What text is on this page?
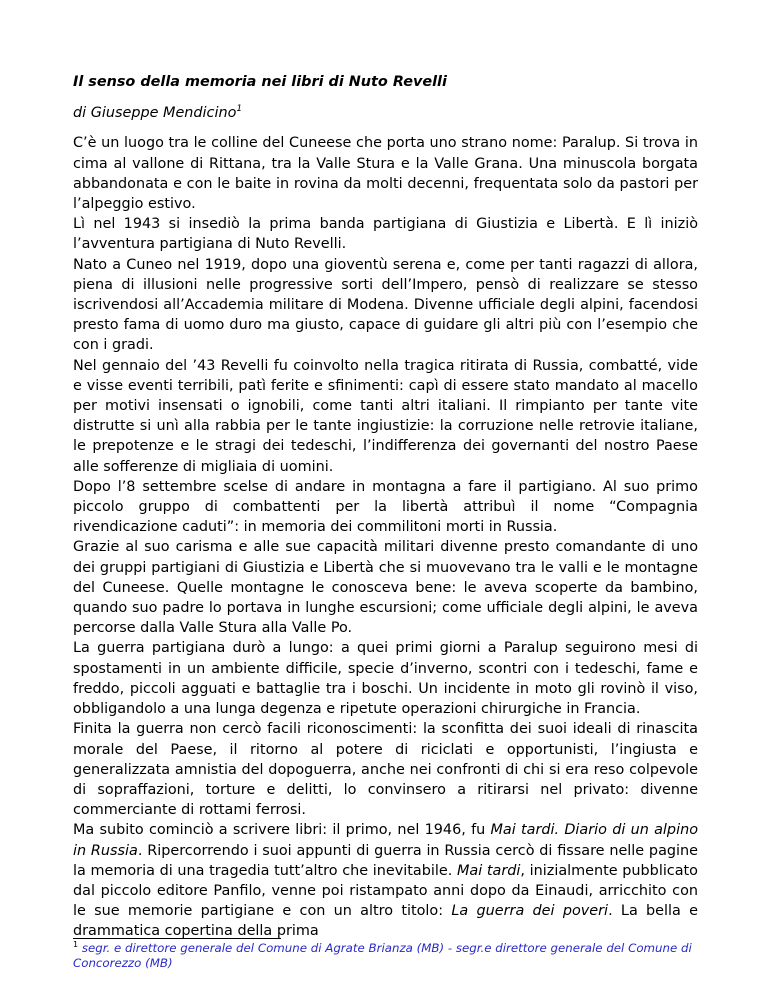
Il senso della memoria nei libri di Nuto Revelli

di Giuseppe Mendicino$^1$

C’è un luogo tra le colline del Cuneese che porta uno strano nome: Paralup. Si trova in cima al vallone di Rittana, tra la Valle Stura e la Valle Grana. Una minuscola borgata abbandonata e con le baite in rovina da molti decenni, frequentata solo da pastori per l’alpeggio estivo.

Lì nel 1943 si insediò la prima banda partigiana di Giustizia e Libertà. E lì iniziò l’avventura partigiana di Nuto Revelli.

Nato a Cuneo nel 1919, dopo una gioventù serena e, come per tanti ragazzi di allora, piena di illusioni nelle progressive sorti dell’Impero, pensò di realizzare se stesso iscrivendosi all’Accademia militare di Modena. Divenne ufficiale degli alpini, facendosi presto fama di uomo duro ma giusto, capace di guidare gli altri più con l’esempio che con i gradi.

Nel gennaio del ’43 Revelli fu coinvolto nella tragica ritirata di Russia, combatté, vide e visse eventi terribili, patì ferite e sfinimenti: capì di essere stato mandato al macello per motivi insensati o ignobili, come tanti altri italiani. Il rimpianto per tante vite distrutte si unì alla rabbia per le tante ingiustizie: la corruzione nelle retrovie italiane, le prepotenze e le stragi dei tedeschi, l’indifferenza dei governanti del nostro Paese alle sofferenze di migliaia di uomini.

Dopo l’8 settembre scelse di andare in montagna a fare il partigiano. Al suo primo piccolo gruppo di combattenti per la libertà attribuì il nome “Compagnia rivendicazione caduti”: in memoria dei commilitoni morti in Russia.

Grazie al suo carisma e alle sue capacità militari divenne presto comandante di uno dei gruppi partigiani di Giustizia e Libertà che si muovevano tra le valli e le montagne del Cuneese. Quelle montagne le conosceva bene: le aveva scoperte da bambino, quando suo padre lo portava in lunghe escursioni; come ufficiale degli alpini, le aveva percorse dalla Valle Stura alla Valle Po.

La guerra partigiana durò a lungo: a quei primi giorni a Paralup seguirono mesi di spostamenti in un ambiente difficile, specie d’inverno, scontri con i tedeschi, fame e freddo, piccoli agguati e battaglie tra i boschi. Un incidente in moto gli rovinò il viso, obbligandolo a una lunga degenza e ripetute operazioni chirurgiche in Francia.

Finita la guerra non cercò facili riconoscimenti: la sconfitta dei suoi ideali di rinascita morale del Paese, il ritorno al potere di riciclati e opportunisti, l’ingiusta e generalizzata amnistia del dopoguerra, anche nei confronti di chi si era reso colpevole di sopraffazioni, torture e delitti, lo convinsero a ritirarsi nel privato: divenne commerciante di rottami ferrosi.

Ma subito cominciò a scrivere libri: il primo, nel 1946, fu Mai tardi. Diario di un alpino in Russia. Ripercorrendo i suoi appunti di guerra in Russia cercò di fissare nelle pagine la memoria di una tragedia tutt’altro che inevitabile. Mai tardi, inizialmente pubblicato dal piccolo editore Panfilo, venne poi ristampato anni dopo da Einaudi, arricchito con le sue memorie partigiane e con un altro titolo: La guerra dei poveri. La bella e drammatica copertina della prima

$^1$ segr. e direttore generale del Comune di Agrate Brianza (MB) - segr.e direttore generale del Comune di Concorezzo (MB)
